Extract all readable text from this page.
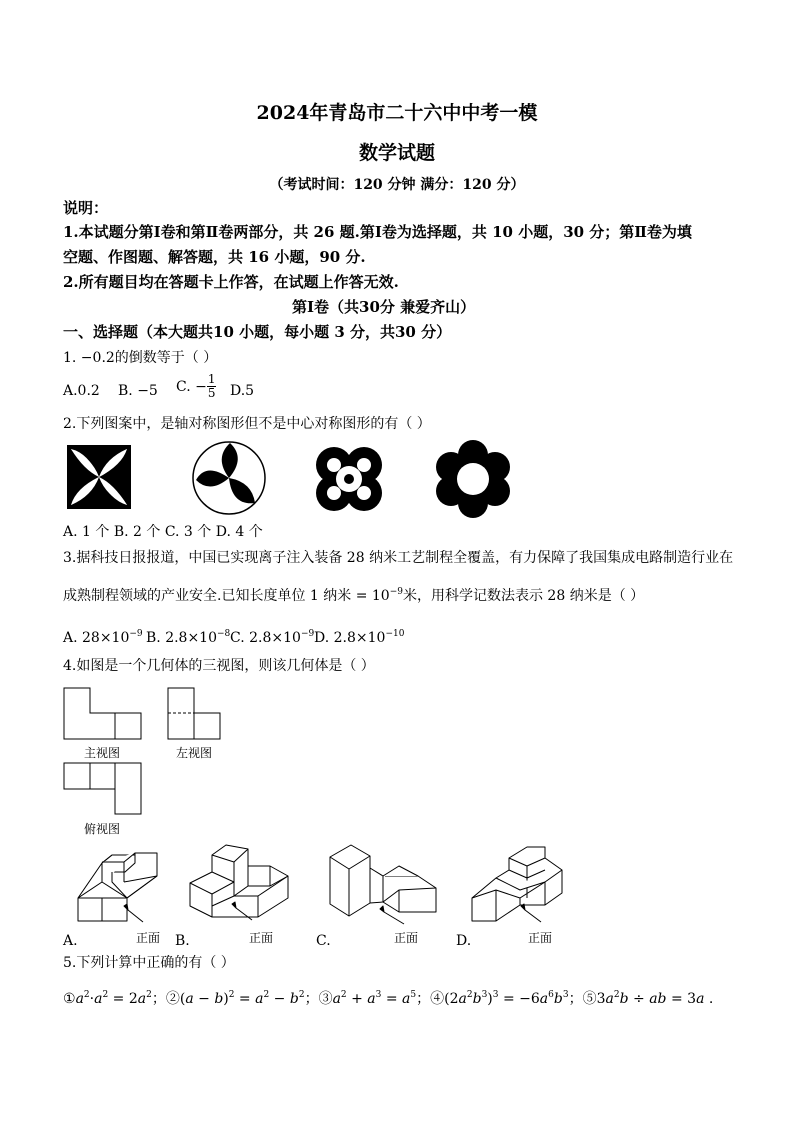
2024年青岛市二十六中中考一模
数学试题
（考试时间：120 分钟 满分：120 分）
说明：
1.本试题分第Ⅰ卷和第Ⅱ卷两部分，共 26 题.第Ⅰ卷为选择题，共 10 小题，30 分；第Ⅱ卷为填
空题、作图题、解答题，共 16 小题，90 分.
2.所有题目均在答题卡上作答，在试题上作答无效.
第Ⅰ卷（共30分 兼爱齐山）
一、选择题（本大题共10 小题，每小题 3 分，共30 分）
1. −0.2的倒数等于（ ）
A.0.2 B. −5 C. − $\frac{1}{5} D.5$
2.下列图案中，是轴对称图形但不是中心对称图形的有（ ）
A. 1 个 B. 2 个 C. 3 个 D. 4 个
3.据科技日报报道，中国已实现离子注入装备 28 纳米工艺制程全覆盖，有力保障了我国集成电路制造行业在
成熟制程领域的产业安全.已知长度单位 1 纳米 = $10^{-9}$米，用科学记数法表示 28 纳米是（ ）
A. $28\times 10^{-9}$ B. $2.8\times 10^{-8}$ C. $2.8\times 10^{-9}$ D. $2.8\times 10^{-10}$
4.如图是一个几何体的三视图，则该几何体是（ ）
主视图	左视图
俯视图
A.	正面 B.	正面	C.	正面	D.	正面
5.下列计算中正确的有（ ）
$①a^2\cdot a^2 = 2a^2$；②(a − $b)^2 = a^2 - b^2$；$③a^2 + a^3 = a^5$；$④(2a^2b^3)^3 = -6a^6b^3$；$⑤3a^2b$ ÷ ab = 3a .
